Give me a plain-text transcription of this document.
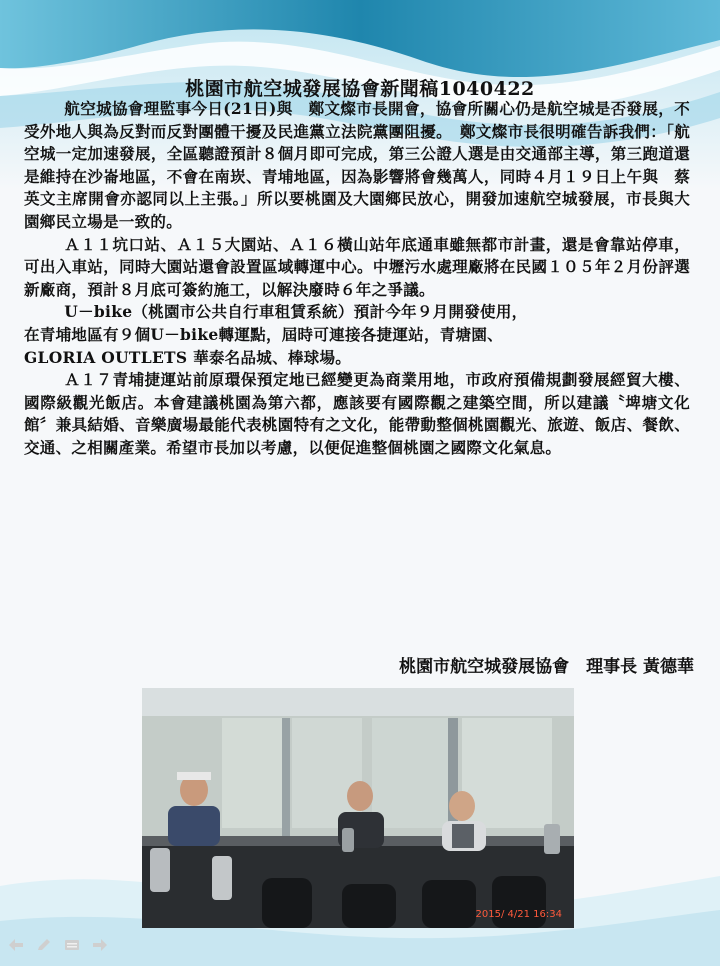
桃園市航空城發展協會新聞稿1040422

航空城協會理監事今日(21日)與　鄭文燦市長開會，協會所關心仍是航空城是否發展，不受外地人與為反對而反對團體干擾及民進黨立法院黨團阻擾。　鄭文燦市長很明確告訴我們：「航空城一定加速發展，全區聽證預計８個月即可完成，第三公證人選是由交通部主導，第三跑道還是維持在沙崙地區，不會在南崁、青埔地區，因為影響將會幾萬人，同時４月１９日上午與　蔡英文主席開會亦認同以上主張。」所以要桃園及大園鄉民放心，開發加速航空城發展，市長與大園鄉民立場是一致的。

Ａ１１坑口站、Ａ１５大園站、Ａ１６橫山站年底通車雖無都市計畫，還是會靠站停車，可出入車站，同時大園站還會設置區域轉運中心。中壢污水處理廠將在民國１０５年２月份評選新廠商，預計８月底可簽約施工，以解決廢時６年之爭議。

U－bike（桃園市公共自行車租賃系統）預計今年９月開發使用，
在青埔地區有９個U－bike轉運點，屆時可連接各捷運站，青塘園、
GLORIA OUTLETS 華泰名品城、棒球場。

Ａ１７青埔捷運站前原環保預定地已經變更為商業用地，市政府預備規劃發展經貿大樓、國際級觀光飯店。本會建議桃園為第六都，應該要有國際觀之建築空間，所以建議〝埤塘文化館〞兼具結婚、音樂廣場最能代表桃園特有之文化，能帶動整個桃園觀光、旅遊、飯店、餐飲、交通、之相關產業。希望市長加以考慮，以便促進整個桃園之國際文化氣息。

桃園市航空城發展協會　理事長 黃德華
2015/ 4/21 16:34
